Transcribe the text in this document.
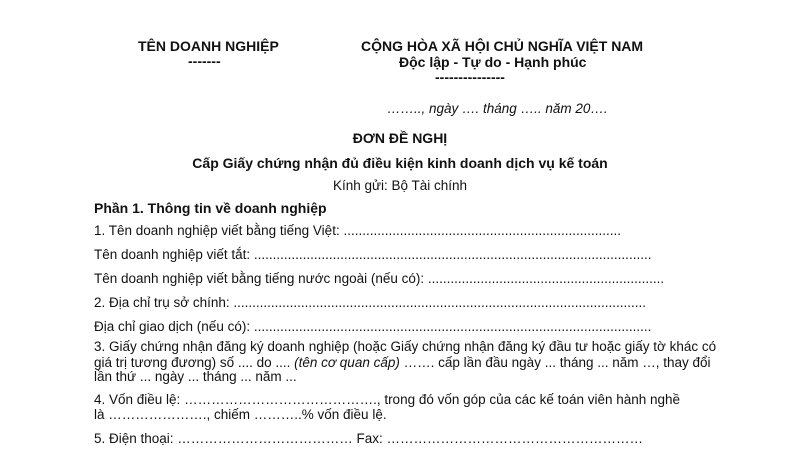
TÊN DOANH NGHIỆP
-------
CỘNG HÒA XÃ HỘI CHỦ NGHĨA VIỆT NAM
Độc lập - Tự do - Hạnh phúc
---------------
…….., ngày …. tháng ….. năm 20….
ĐƠN ĐỀ NGHỊ
Cấp Giấy chứng nhận đủ điều kiện kinh doanh dịch vụ kế toán
Kính gửi: Bộ Tài chính
Phần 1. Thông tin về doanh nghiệp
1. Tên doanh nghiệp viết bằng tiếng Việt: ..........................................................................
Tên doanh nghiệp viết tắt: ..........................................................................................................
Tên doanh nghiệp viết bằng tiếng nước ngoài (nếu có): ...............................................................
2. Địa chỉ trụ sở chính: ..............................................................................................................
Địa chỉ giao dịch (nếu có): ..........................................................................................................
3. Giấy chứng nhận đăng ký doanh nghiệp (hoặc Giấy chứng nhận đăng ký đầu tư hoặc giấy tờ khác có
giá trị tương đương) số .... do .... (tên cơ quan cấp) ……. cấp lần đầu ngày ... tháng ... năm …, thay đổi
lần thứ ... ngày ... tháng ... năm ...
4. Vốn điều lệ: ……………………………………., trong đó vốn góp của các kế toán viên hành nghề
là …………………., chiếm ………..% vốn điều lệ.
5. Điện thoại: ………………………………… Fax: …………………………………………………
